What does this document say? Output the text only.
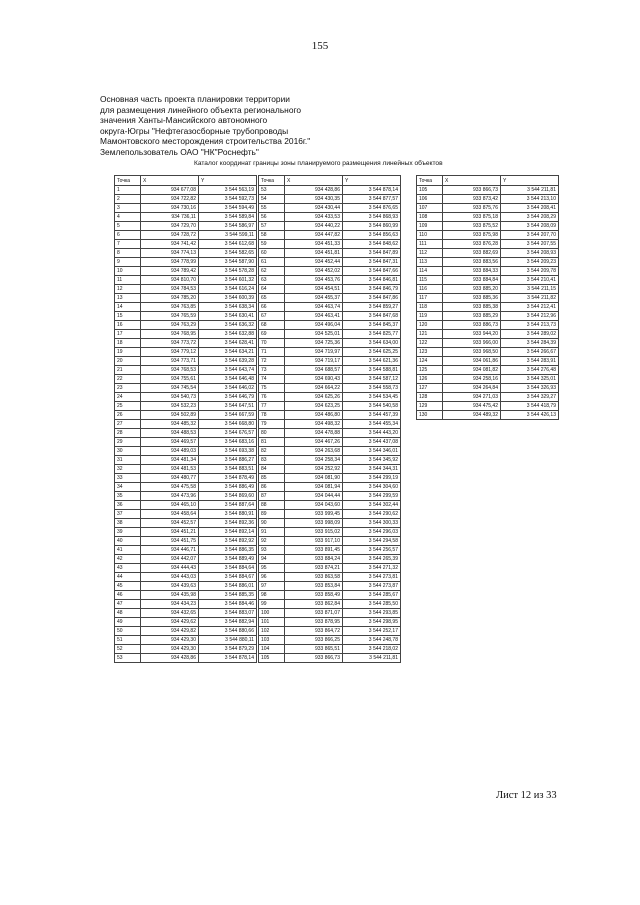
155
Основная часть проекта планировки территории
для размещения линейного объекта регионального
значения Ханты-Мансийского автономного
округа-Югры "Нефтегазосборные трубопроводы
Мамонтовского месторождения строительства 2016г."
Землепользователь ОАО "НК"Роснефть"
Каталог координат границы зоны планируемого размещения линейных объектов
Точка	X	Y
1	934 677,08	3 544 563,19
2	934 722,82	3 544 592,73
3	934 730,16	3 544 594,49
4	934 736,11	3 544 589,84
5	934 729,70	3 544 586,97
6	934 728,72	3 544 599,11
7	934 741,42	3 544 612,68
8	934 774,13	3 544 582,65
9	934 778,99	3 544 587,90
10	934 789,42	3 544 578,28
11	934 810,70	3 544 601,32
12	934 784,53	3 544 616,24
13	934 785,20	3 544 600,39
14	934 763,85	3 544 638,34
15	934 765,59	3 544 630,41
16	934 763,29	3 544 636,32
17	934 768,95	3 544 632,88
18	934 773,72	3 544 628,41
19	934 779,12	3 544 634,21
20	934 773,71	3 544 639,28
21	934 768,53	3 544 643,74
22	934 755,61	3 544 646,48
23	934 745,54	3 544 646,02
24	934 540,73	3 544 646,79
25	934 532,23	3 544 647,51
26	934 502,89	3 544 667,59
27	934 485,32	3 544 668,80
28	934 488,53	3 544 676,57
29	934 469,57	3 544 683,16
30	934 489,03	3 544 693,38
31	934 481,34	3 544 886,27
32	934 481,53	3 544 883,51
33	934 480,77	3 544 878,49
34	934 475,58	3 544 886,49
35	934 473,96	3 544 869,60
36	934 465,10	3 544 887,64
37	934 458,64	3 544 880,91
38	934 452,57	3 544 892,36
39	934 451,21	3 544 892,14
40	934 451,75	3 544 892,92
41	934 446,71	3 544 886,35
42	934 442,07	3 544 889,49
43	934 444,43	3 544 884,64
44	934 443,03	3 544 884,67
45	934 439,63	3 544 886,01
46	934 435,98	3 544 885,35
47	934 434,23	3 544 884,46
48	934 432,65	3 544 883,07
49	934 429,62	3 544 882,94
50	934 429,82	3 544 880,66
51	934 429,30	3 544 880,11
52	934 429,30	3 544 879,29
53	934 428,86	3 544 878,14
Точка	X	Y
53	934 428,86	3 544 878,14
54	934 430,35	3 544 877,57
55	934 430,44	3 544 876,65
56	934 433,53	3 544 868,93
57	934 440,22	3 544 860,99
58	934 447,82	3 544 856,63
59	934 451,33	3 544 848,62
60	934 451,81	3 544 847,89
61	934 452,44	3 544 847,31
62	934 452,02	3 544 847,66
63	934 453,76	3 544 846,81
64	934 454,51	3 544 846,79
65	934 455,37	3 544 847,86
66	934 463,74	3 544 859,27
67	934 463,41	3 544 847,68
68	934 496,04	3 544 845,37
69	934 525,01	3 544 825,77
70	934 725,36	3 544 634,00
71	934 719,97	3 544 625,25
72	934 719,17	3 544 621,36
73	934 688,57	3 544 588,81
74	934 690,43	3 544 587,12
75	934 664,22	3 544 558,73
76	934 625,26	3 544 534,45
77	934 623,25	3 544 540,58
78	934 486,80	3 544 457,39
79	934 498,32	3 544 455,34
80	934 478,88	3 544 443,20
81	934 467,26	3 544 437,08
82	934 263,68	3 544 346,01
83	934 258,34	3 544 345,92
84	934 252,92	3 544 344,31
85	934 081,90	3 544 299,19
86	934 081,94	3 544 304,60
87	934 044,44	3 544 299,59
88	934 043,60	3 544 302,44
89	933 999,45	3 544 290,62
90	933 998,09	3 544 300,33
91	933 915,02	3 544 296,03
92	933 917,10	3 544 294,58
93	933 891,45	3 544 256,57
94	933 884,24	3 544 265,39
95	933 874,21	3 544 271,32
96	933 863,58	3 544 273,81
97	933 853,84	3 544 273,87
98	933 858,49	3 544 285,67
99	933 862,84	3 544 285,50
100	933 871,07	3 544 293,85
101	933 878,95	3 544 298,95
102	933 864,72	3 544 252,17
103	933 866,25	3 544 248,78
104	933 865,51	3 544 218,02
105	933 866,73	3 544 211,81
Точка	X	Y
105	933 866,73	3 544 211,81
106	933 873,42	3 544 213,10
107	933 875,76	3 544 208,41
108	933 875,18	3 544 208,29
109	933 875,52	3 544 208,09
110	933 875,98	3 544 207,70
111	933 876,28	3 544 207,55
112	933 882,69	3 544 208,93
113	933 883,56	3 544 209,23
114	933 884,33	3 544 209,78
115	933 884,84	3 544 210,41
116	933 885,20	3 544 211,15
117	933 885,36	3 544 211,82
118	933 885,38	3 544 212,41
119	933 885,29	3 544 212,96
120	933 886,73	3 544 213,73
121	933 944,20	3 544 289,02
122	933 966,00	3 544 284,39
123	933 968,50	3 544 266,67
124	934 061,86	3 544 283,91
125	934 081,82	3 544 276,48
126	934 258,16	3 544 325,01
127	934 264,84	3 544 326,93
128	934 271,03	3 544 329,27
129	934 475,42	3 544 418,79
130	934 489,32	3 544 426,13
Лист 12 из 33
